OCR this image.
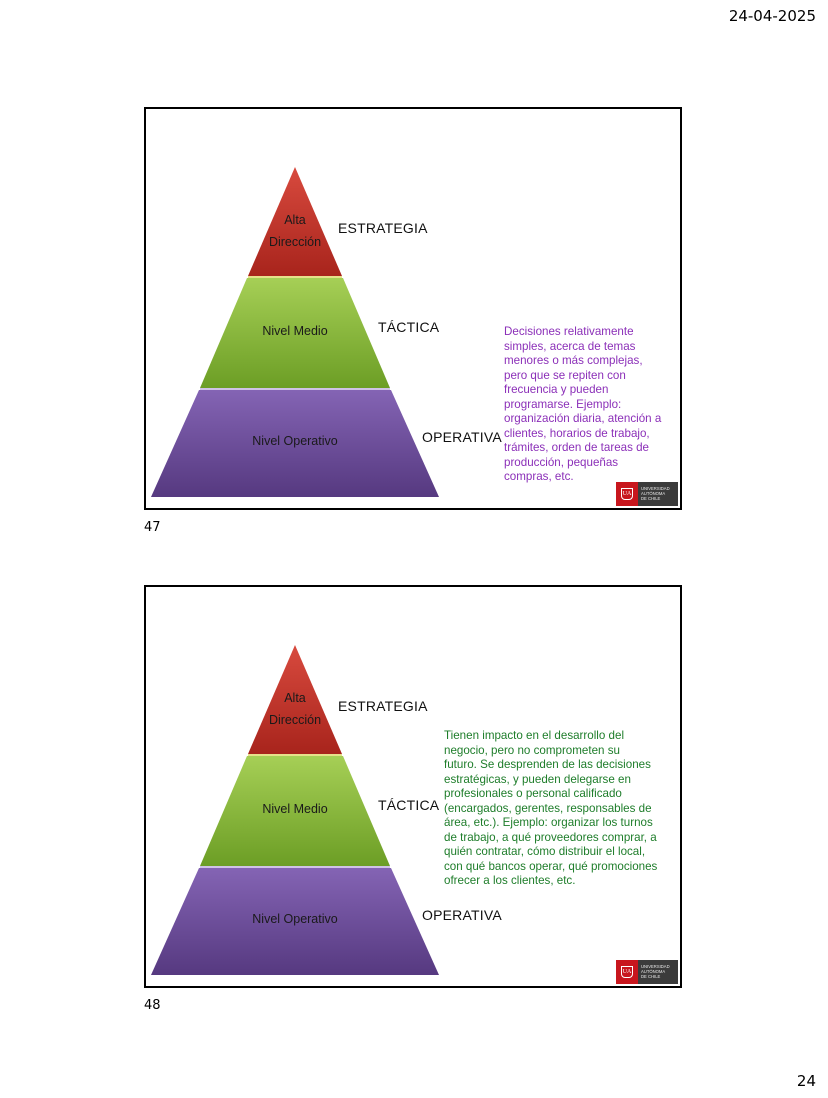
24-04-2025
Alta
Dirección
Nivel Medio
Nivel Operativo
ESTRATEGIA
TÁCTICA
OPERATIVA
Decisiones relativamente
simples, acerca de temas
menores o más complejas,
pero que se repiten con
frecuencia y pueden
programarse. Ejemplo:
organización diaria, atención a
clientes, horarios de trabajo,
trámites, orden de tareas de
producción, pequeñas
compras, etc.
UA
UNIVERSIDAD
AUTÓNOMA
DE CHILE
47
Alta
Dirección
Nivel Medio
Nivel Operativo
ESTRATEGIA
TÁCTICA
OPERATIVA
Tienen impacto en el desarrollo del
negocio, pero no comprometen su
futuro. Se desprenden de las decisiones
estratégicas, y pueden delegarse en
profesionales o personal calificado
(encargados, gerentes, responsables de
área, etc.). Ejemplo: organizar los turnos
de trabajo, a qué proveedores comprar, a
quién contratar, cómo distribuir el local,
con qué bancos operar, qué promociones
ofrecer a los clientes, etc.
UA
UNIVERSIDAD
AUTÓNOMA
DE CHILE
48
24
